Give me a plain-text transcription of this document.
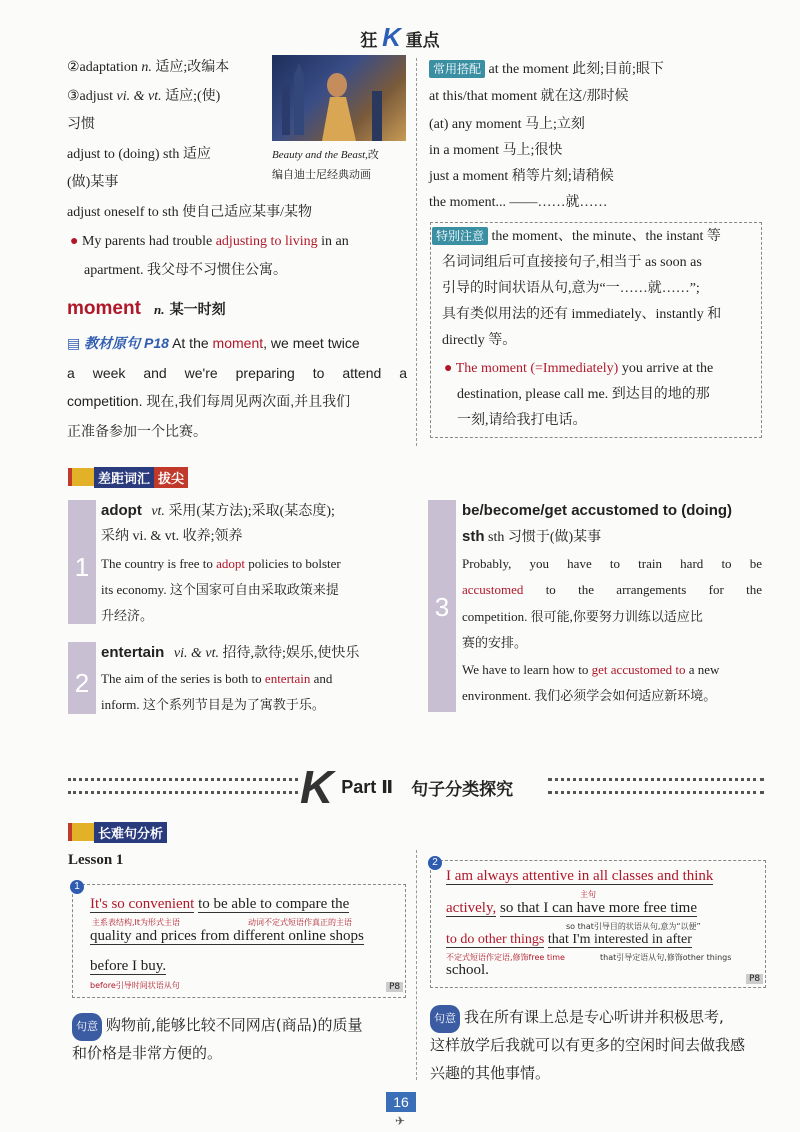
狂 K 重点
②adaptation n. 适应;改编本
③adjust vi. & vt. 适应;(使)
习惯
adjust to (doing) sth 适应
(做)某事
adjust oneself to sth 使自己适应某事/某物
● My parents had trouble adjusting to living in an
apartment. 我父母不习惯住公寓。
Beauty and the Beast,改
编自迪士尼经典动画
moment n. 某一时刻
▤ 教材原句 P18 At the moment, we meet twice
a week and we're preparing to attend a
competition. 现在,我们每周见两次面,并且我们
正准备参加一个比赛。
常用搭配 at the moment 此刻;目前;眼下
at this/that moment 就在这/那时候
(at) any moment 马上;立刻
in a moment 马上;很快
just a moment 稍等片刻;请稍候
the moment... ——……就……
特别注意 the moment、the minute、the instant 等
名词词组后可直接接句子,相当于 as soon as
引导的时间状语从句,意为“一……就……”;
具有类似用法的还有 immediately、instantly 和
directly 等。
● The moment (=Immediately) you arrive at the
destination, please call me. 到达目的地的那
一刻,请给我打电话。
差距词汇 拔尖
1
adopt vt. 采用(某方法);采取(某态度);
采纳 vi. & vt. 收养;领养
The country is free to adopt policies to bolster
its economy. 这个国家可自由采取政策来提
升经济。
2
entertain vi. & vt. 招待,款待;娱乐,使快乐
The aim of the series is both to entertain and
inform. 这个系列节目是为了寓教于乐。
3
be/become/get accustomed to (doing)
sth sth 习惯于(做)某事
Probably, you have to train hard to be
accustomed to the arrangements for the
competition. 很可能,你要努力训练以适应比
赛的安排。
We have to learn how to get accustomed to a new
environment. 我们必须学会如何适应新环境。
K Part Ⅱ 句子分类探究
长难句分析
Lesson 1
1
It's so convenient to be able to compare the
主系表结构,It为形式主语	动词不定式短语作真正的主语
quality and prices from different online shops
before I buy.
before引导时间状语从句	P8
句意 购物前,能够比较不同网店(商品)的质量
和价格是非常方便的。
2
I am always attentive in all classes and think
主句
actively, so that I can have more free time
so that引导目的状语从句,意为“以便”
to do other things that I'm interested in after
不定式短语作定语,修饰free time	that引导定语从句,修饰other things
school.
P8
句意 我在所有课上总是专心听讲并积极思考,
这样放学后我就可以有更多的空闲时间去做我感
兴趣的其他事情。
16
✈
